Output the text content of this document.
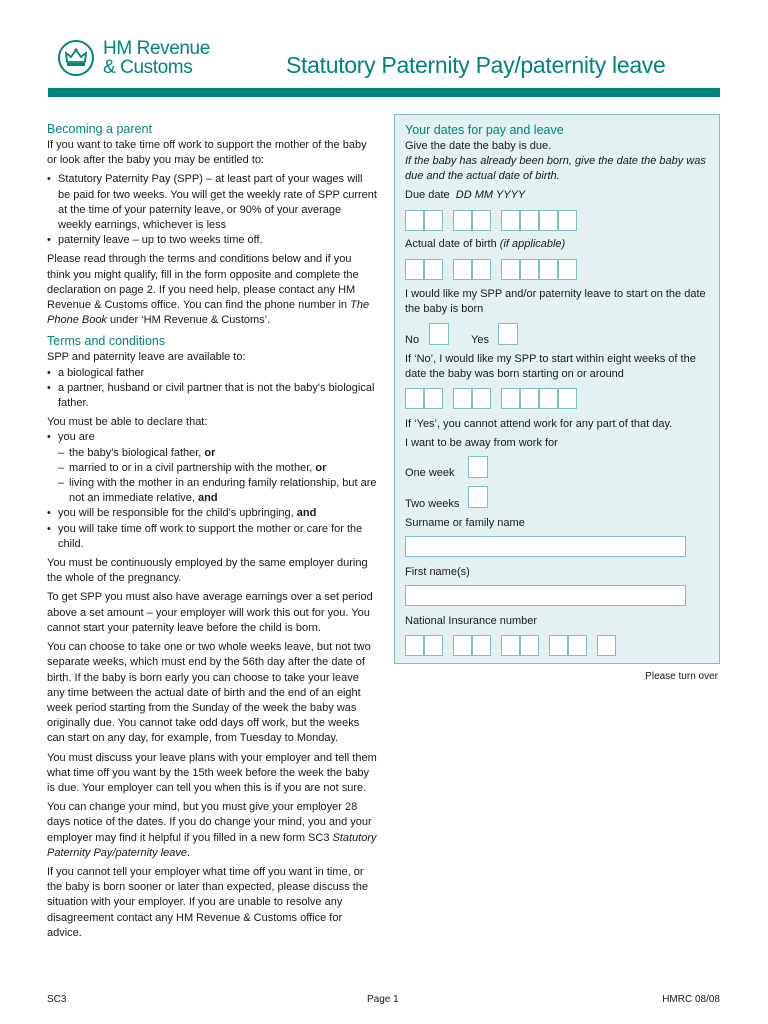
HM Revenue
& Customs	Statutory Paternity Pay/paternity leave
Becoming a parent

If you want to take time off work to support the mother of the baby or look after the baby you may be entitled to:

• Statutory Paternity Pay (SPP) – at least part of your wages will be paid for two weeks. You will get the weekly rate of SPP current at the time of your paternity leave, or 90% of your average weekly earnings, whichever is less
• paternity leave – up to two weeks time off.

Please read through the terms and conditions below and if you think you might qualify, fill in the form opposite and complete the declaration on page 2. If you need help, please contact any HM Revenue & Customs office. You can find the phone number in The Phone Book under ‘HM Revenue & Customs’.

Terms and conditions

SPP and paternity leave are available to:

• a biological father
• a partner, husband or civil partner that is not the baby's biological father.

You must be able to declare that:

• you are
– the baby's biological father, or
– married to or in a civil partnership with the mother, or
– living with the mother in an enduring family relationship, but are not an immediate relative, and
• you will be responsible for the child's upbringing, and
• you will take time off work to support the mother or care for the child.

You must be continuously employed by the same employer during the whole of the pregnancy.

To get SPP you must also have average earnings over a set period above a set amount – your employer will work this out for you. You cannot start your paternity leave before the child is born.

You can choose to take one or two whole weeks leave, but not two separate weeks, which must end by the 56th day after the date of birth. If the baby is born early you can choose to take your leave any time between the actual date of birth and the end of an eight week period starting from the Sunday of the week the baby was originally due. You cannot take odd days off work, but the weeks can start on any day, for example, from Tuesday to Monday.

You must discuss your leave plans with your employer and tell them what time off you want by the 15th week before the week the baby is due. Your employer can tell you when this is if you are not sure.

You can change your mind, but you must give your employer 28 days notice of the dates. If you do change your mind, you and your employer may find it helpful if you filled in a new form SC3 Statutory Paternity Pay/paternity leave.

If you cannot tell your employer what time off you want in time, or the baby is born sooner or later than expected, please discuss the situation with your employer. If you are unable to resolve any disagreement contact any HM Revenue & Customs office for advice.

Your dates for pay and leave
Give the date the baby is due.
If the baby has already been born, give the date the baby was due and the actual date of birth.
Due date DD MM YYYY
Actual date of birth (if applicable)
I would like my SPP and/or paternity leave to start on the date the baby is born
No	Yes
If ‘No’, I would like my SPP to start within eight weeks of the date the baby was born starting on or around
If ‘Yes’, you cannot attend work for any part of that day.
I want to be away from work for
One week
Two weeks
Surname or family name
First name(s)
National Insurance number
Please turn over
SC3	Page 1	HMRC 08/08
